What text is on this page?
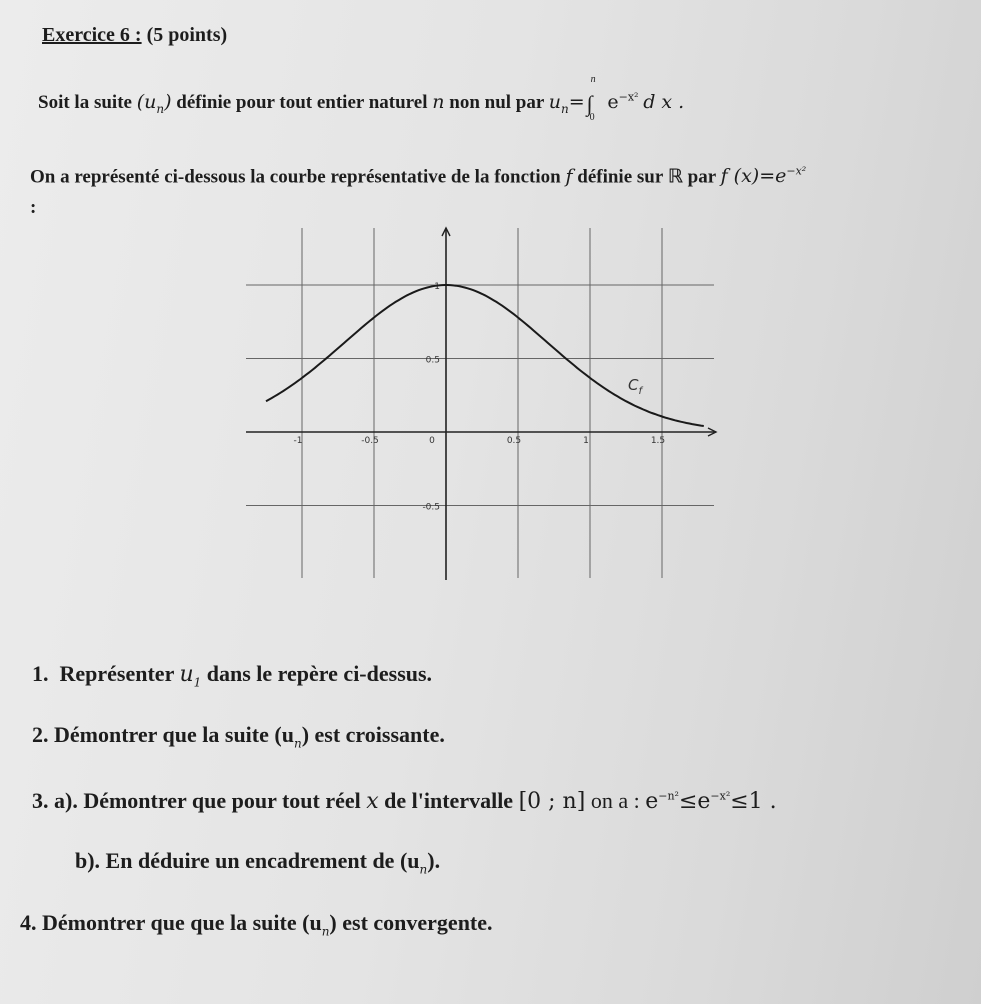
Exercice 6 : (5 points)
Soit la suite $(u_n)$ définie pour tout entier naturel n non nul par $u_n=$
n
∫
0
$e^{-x^2}$ d x .
On a représenté ci-dessous la courbe représentative de la fonction f définie sur ℝ par f $(x)=e^{-x^2}$
:
-1	-0.5	0	0.5	1	1.5
1
0.5
-0.5
$C_f$
1. Représenter $u_1$ dans le repère ci-dessus.
2. Démontrer que la suite $(u_n)$ est croissante.
3. a). Démontrer que pour tout réel x de l'intervalle [0 ; n] on a : $e^{-n^2}\le e^{-x^2}\le 1$ .
b). En déduire un encadrement de $(u_n)$.
4. Démontrer que que la suite $(u_n)$ est convergente.
